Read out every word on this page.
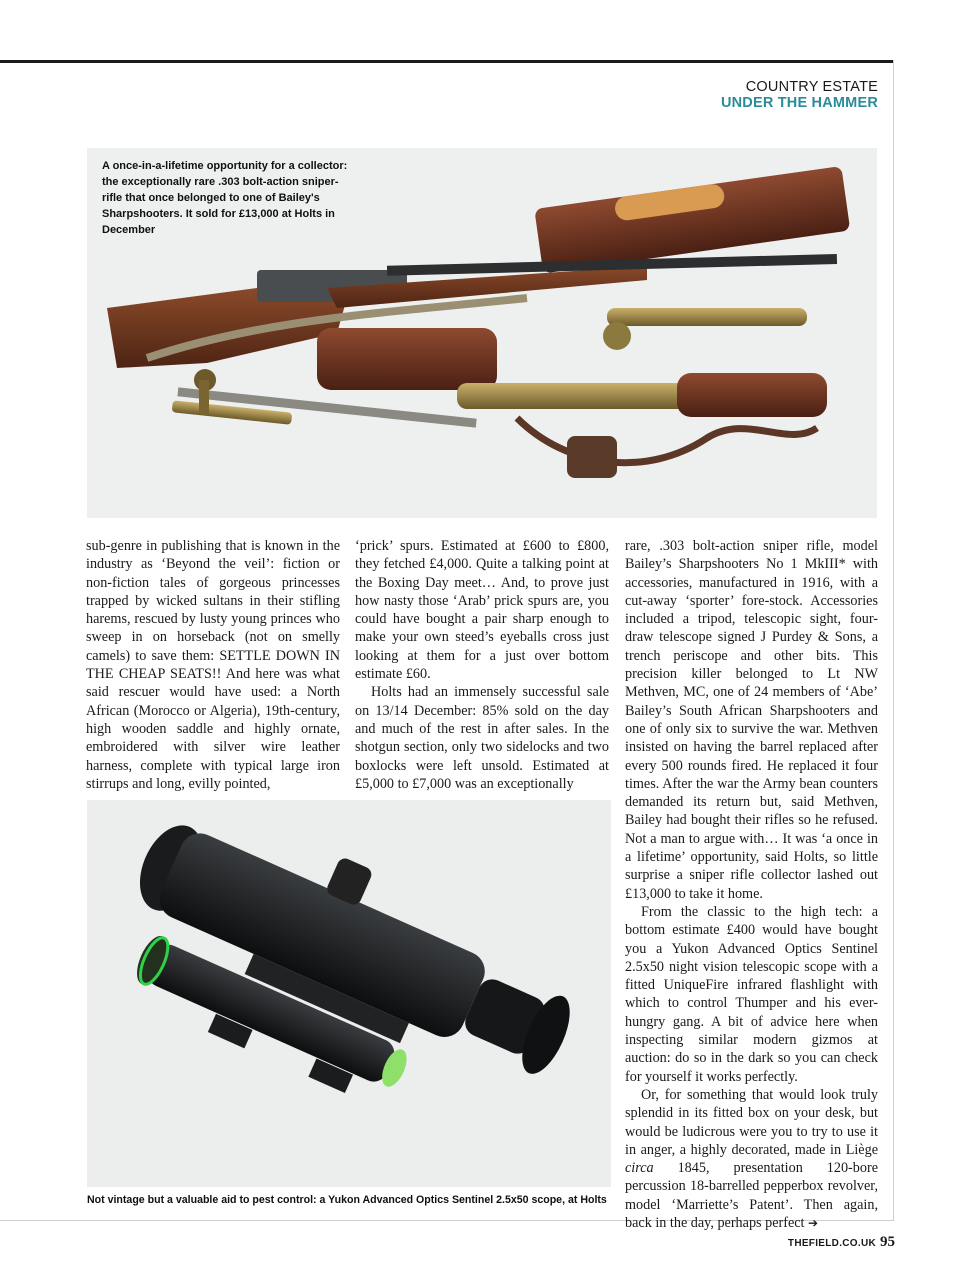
COUNTRY ESTATE
UNDER THE HAMMER
A once-in-a-lifetime opportunity for a collector: the exceptionally rare .303 bolt-action sniper-rifle that once belonged to one of Bailey's Sharpshooters. It sold for £13,000 at Holts in December

sub-genre in publishing that is known in the industry as ‘Beyond the veil’: fiction or non-fiction tales of gorgeous princesses trapped by wicked sultans in their stifling harems, rescued by lusty young princes who sweep in on horseback (not on smelly camels) to save them: SETTLE DOWN IN THE CHEAP SEATS!! And here was what said rescuer would have used: a North African (Morocco or Algeria), 19th-century, high wooden saddle and highly ornate, embroidered with silver wire leather harness, complete with typical large iron stirrups and long, evilly pointed,

‘prick’ spurs. Estimated at £600 to £800, they fetched £4,000. Quite a talking point at the Boxing Day meet… And, to prove just how nasty those ‘Arab’ prick spurs are, you could have bought a pair sharp enough to make your own steed’s eyeballs cross just looking at them for a just over bottom estimate £60.

Holts had an immensely successful sale on 13/14 December: 85% sold on the day and much of the rest in after sales. In the shotgun section, only two sidelocks and two boxlocks were left unsold. Estimated at £5,000 to £7,000 was an exceptionally

rare, .303 bolt-action sniper rifle, model Bailey’s Sharpshooters No 1 MkIII* with accessories, manufactured in 1916, with a cut-away ‘sporter’ fore-stock. Accessories included a tripod, telescopic sight, four-draw telescope signed J Purdey & Sons, a trench periscope and other bits. This precision killer belonged to Lt NW Methven, MC, one of 24 members of ‘Abe’ Bailey’s South African Sharpshooters and one of only six to survive the war. Methven insisted on having the barrel replaced after every 500 rounds fired. He replaced it four times. After the war the Army bean counters demanded its return but, said Methven, Bailey had bought their rifles so he refused. Not a man to argue with… It was ‘a once in a lifetime’ opportunity, said Holts, so little surprise a sniper rifle collector lashed out £13,000 to take it home.

From the classic to the high tech: a bottom estimate £400 would have bought you a Yukon Advanced Optics Sentinel 2.5x50 night vision telescopic scope with a fitted UniqueFire infrared flashlight with which to control Thumper and his ever-hungry gang. A bit of advice here when inspecting similar modern gizmos at auction: do so in the dark so you can check for yourself it works perfectly.

Or, for something that would look truly splendid in its fitted box on your desk, but would be ludicrous were you to try to use it in anger, a highly decorated, made in Liège circa 1845, presentation 120-bore percussion 18-barrelled pepperbox revolver, model ‘Marriette’s Patent’. Then again, back in the day, perhaps perfect ➔

Not vintage but a valuable aid to pest control: a Yukon Advanced Optics Sentinel 2.5x50 scope, at Holts
THEFIELD.CO.UK 95
